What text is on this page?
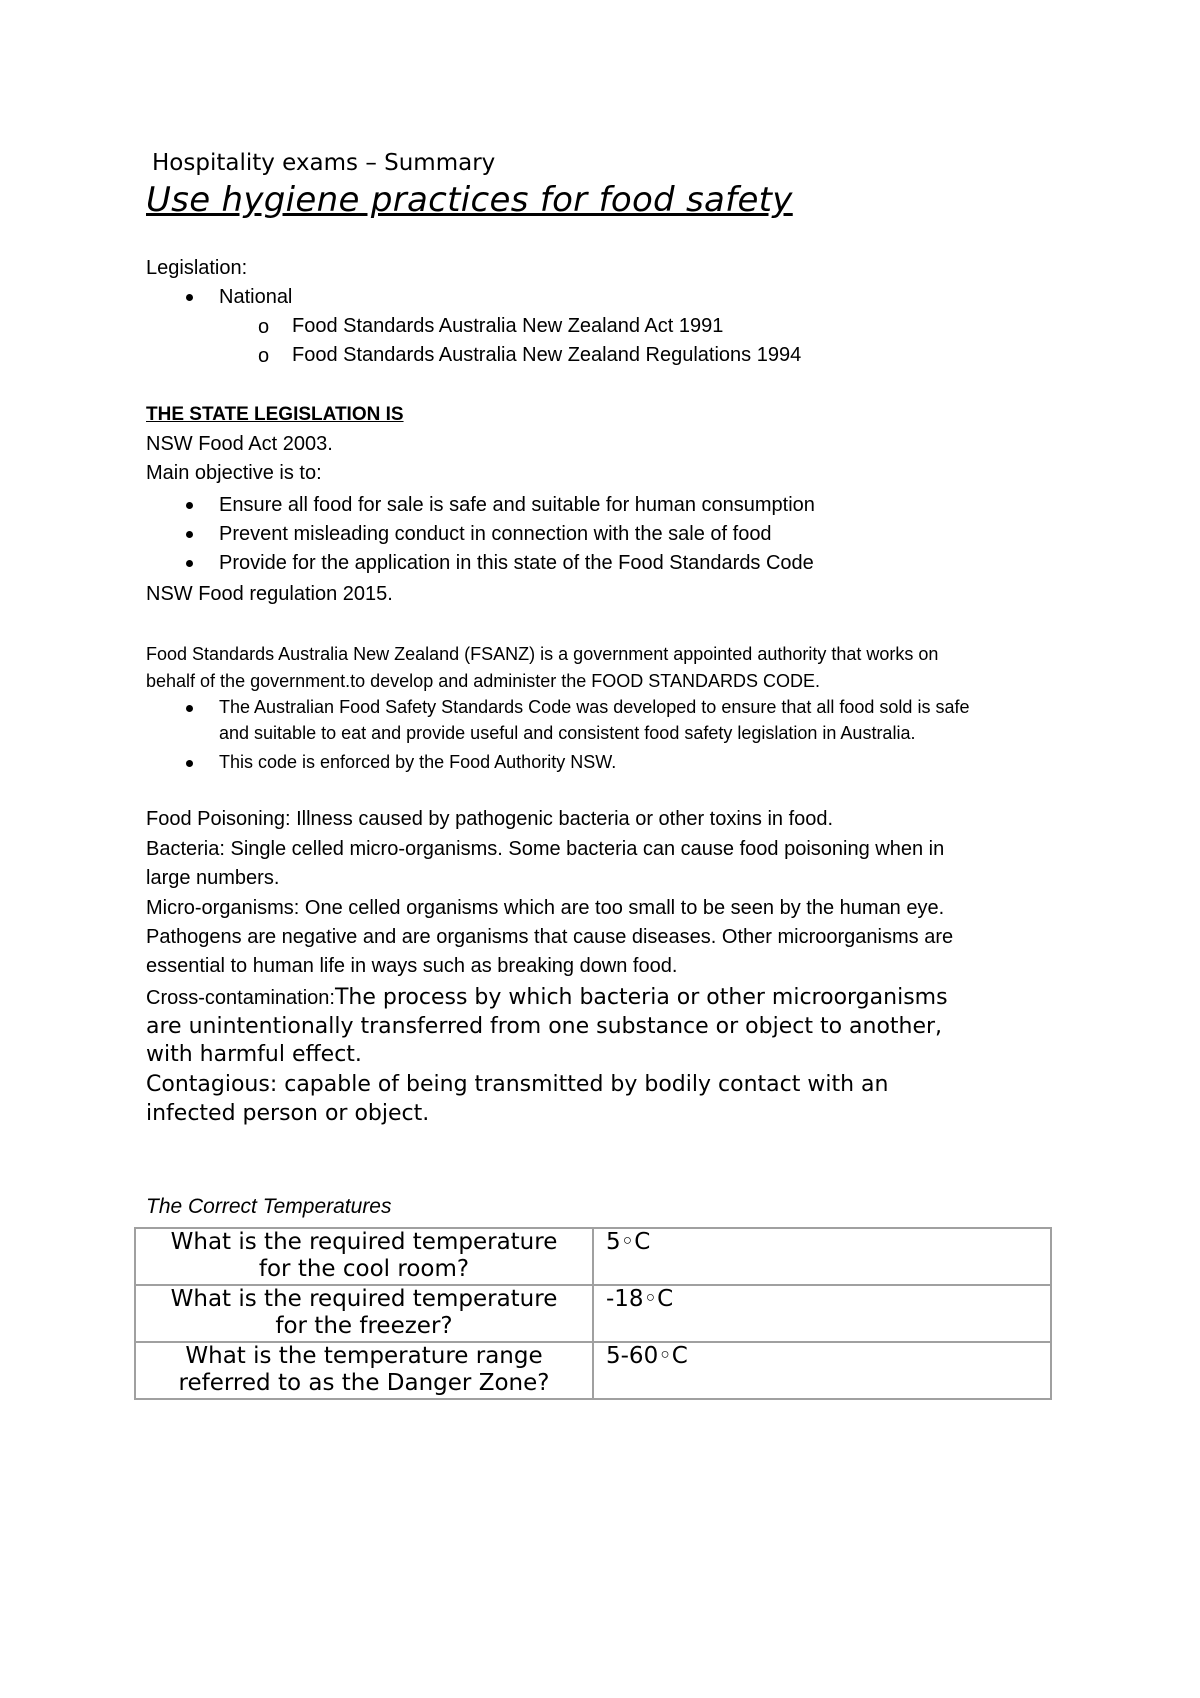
Hospitality exams – Summary

Use hygiene practices for food safety

Legislation:

National

o Food Standards Australia New Zealand Act 1991

o Food Standards Australia New Zealand Regulations 1994

THE STATE LEGISLATION IS

NSW Food Act 2003.

Main objective is to:

Ensure all food for sale is safe and suitable for human consumption

Prevent misleading conduct in connection with the sale of food

Provide for the application in this state of the Food Standards Code

NSW Food regulation 2015.

Food Standards Australia New Zealand (FSANZ) is a government appointed authority that works on

behalf of the government.to develop and administer the FOOD STANDARDS CODE.

The Australian Food Safety Standards Code was developed to ensure that all food sold is safe

and suitable to eat and provide useful and consistent food safety legislation in Australia.

This code is enforced by the Food Authority NSW.

Food Poisoning: Illness caused by pathogenic bacteria or other toxins in food.

Bacteria: Single celled micro-organisms. Some bacteria can cause food poisoning when in

large numbers.

Micro-organisms: One celled organisms which are too small to be seen by the human eye.

Pathogens are negative and are organisms that cause diseases. Other microorganisms are

essential to human life in ways such as breaking down food.

Cross-contamination:The process by which bacteria or other microorganisms

are unintentionally transferred from one substance or object to another,

with harmful effect.

Contagious: capable of being transmitted by bodily contact with an

infected person or object.

The Correct Temperatures

What is the required temperature
for the cool room?	5◦C

What is the required temperature
for the freezer?	-18◦C

What is the temperature range
referred to as the Danger Zone?	5-60◦C
